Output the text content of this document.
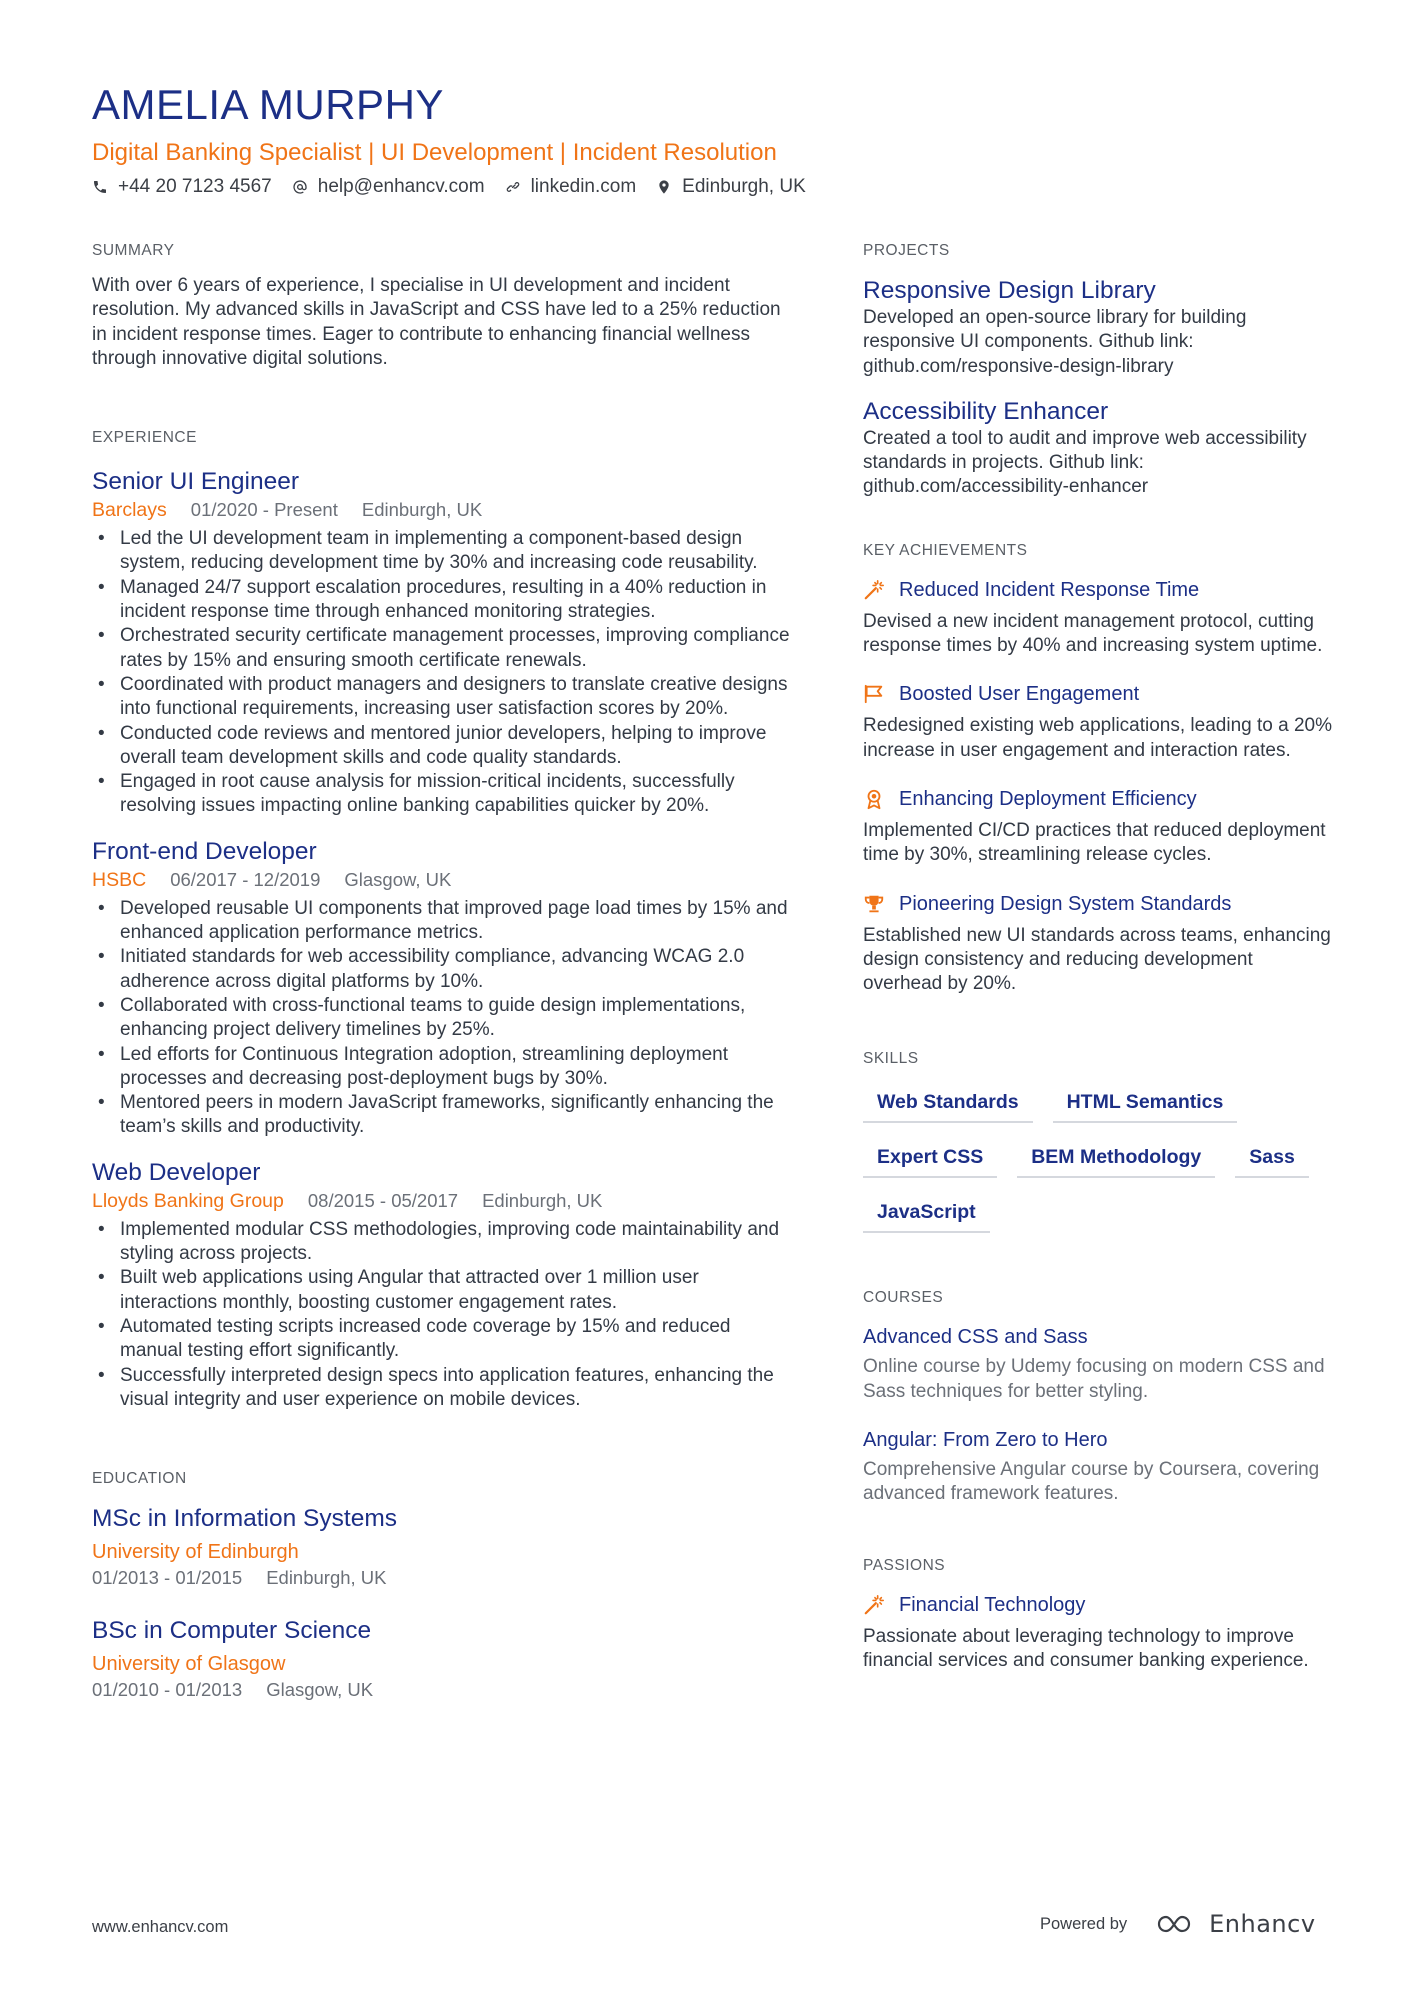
AMELIA MURPHY
Digital Banking Specialist | UI Development | Incident Resolution
+44 20 7123 4567 help@enhancv.com linkedin.com Edinburgh, UK
SUMMARY
With over 6 years of experience, I specialise in UI development and incident resolution. My advanced skills in JavaScript and CSS have led to a 25% reduction in incident response times. Eager to contribute to enhancing financial wellness through innovative digital solutions.
EXPERIENCE
Senior UI Engineer
Barclays 01/2020 - Present Edinburgh, UK
• Led the UI development team in implementing a component-based design system, reducing development time by 30% and increasing code reusability.
• Managed 24/7 support escalation procedures, resulting in a 40% reduction in incident response time through enhanced monitoring strategies.
• Orchestrated security certificate management processes, improving compliance rates by 15% and ensuring smooth certificate renewals.
• Coordinated with product managers and designers to translate creative designs into functional requirements, increasing user satisfaction scores by 20%.
• Conducted code reviews and mentored junior developers, helping to improve overall team development skills and code quality standards.
• Engaged in root cause analysis for mission-critical incidents, successfully resolving issues impacting online banking capabilities quicker by 20%.
Front-end Developer
HSBC 06/2017 - 12/2019 Glasgow, UK
• Developed reusable UI components that improved page load times by 15% and enhanced application performance metrics.
• Initiated standards for web accessibility compliance, advancing WCAG 2.0 adherence across digital platforms by 10%.
• Collaborated with cross-functional teams to guide design implementations, enhancing project delivery timelines by 25%.
• Led efforts for Continuous Integration adoption, streamlining deployment processes and decreasing post-deployment bugs by 30%.
• Mentored peers in modern JavaScript frameworks, significantly enhancing the team’s skills and productivity.
Web Developer
Lloyds Banking Group 08/2015 - 05/2017 Edinburgh, UK
• Implemented modular CSS methodologies, improving code maintainability and styling across projects.
• Built web applications using Angular that attracted over 1 million user interactions monthly, boosting customer engagement rates.
• Automated testing scripts increased code coverage by 15% and reduced manual testing effort significantly.
• Successfully interpreted design specs into application features, enhancing the visual integrity and user experience on mobile devices.
EDUCATION
MSc in Information Systems
University of Edinburgh
01/2013 - 01/2015 Edinburgh, UK
BSc in Computer Science
University of Glasgow
01/2010 - 01/2013 Glasgow, UK
PROJECTS
Responsive Design Library
Developed an open-source library for building responsive UI components. Github link: github.com/responsive-design-library
Accessibility Enhancer
Created a tool to audit and improve web accessibility standards in projects. Github link: github.com/accessibility-enhancer
KEY ACHIEVEMENTS
Reduced Incident Response Time
Devised a new incident management protocol, cutting response times by 40% and increasing system uptime.
Boosted User Engagement
Redesigned existing web applications, leading to a 20% increase in user engagement and interaction rates.
Enhancing Deployment Efficiency
Implemented CI/CD practices that reduced deployment time by 30%, streamlining release cycles.
Pioneering Design System Standards
Established new UI standards across teams, enhancing design consistency and reducing development overhead by 20%.
SKILLS
Web Standards	HTML Semantics
Expert CSS	BEM Methodology	Sass
JavaScript
COURSES
Advanced CSS and Sass
Online course by Udemy focusing on modern CSS and Sass techniques for better styling.
Angular: From Zero to Hero
Comprehensive Angular course by Coursera, covering advanced framework features.
PASSIONS
Financial Technology
Passionate about leveraging technology to improve financial services and consumer banking experience.
www.enhancv.com	Powered by	Enhancv
